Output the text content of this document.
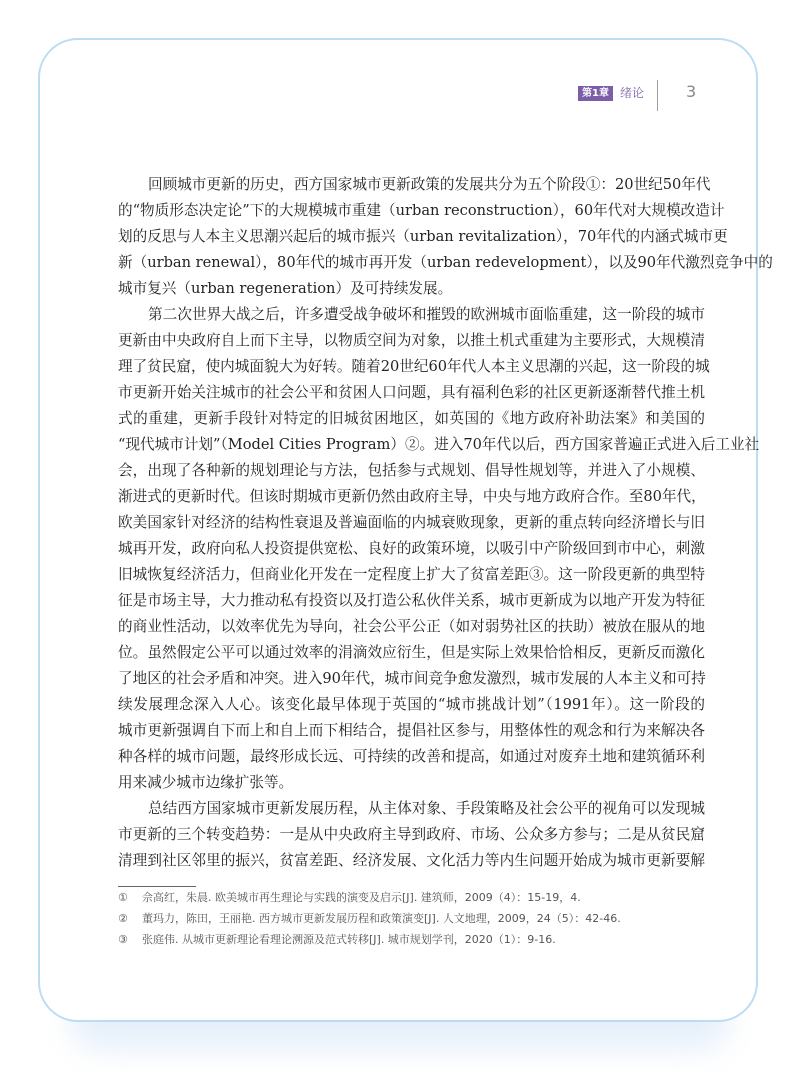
第1章 绪论	3
回顾城市更新的历史，西方国家城市更新政策的发展共分为五个阶段①：20世纪50年代
的“物质形态决定论”下的大规模城市重建（urban reconstruction），60年代对大规模改造计
划的反思与人本主义思潮兴起后的城市振兴（urban revitalization），70年代的内涵式城市更
新（urban renewal），80年代的城市再开发（urban redevelopment），以及90年代激烈竞争中的
城市复兴（urban regeneration）及可持续发展。
第二次世界大战之后，许多遭受战争破坏和摧毁的欧洲城市面临重建，这一阶段的城市
更新由中央政府自上而下主导，以物质空间为对象，以推土机式重建为主要形式，大规模清
理了贫民窟，使内城面貌大为好转。随着20世纪60年代人本主义思潮的兴起，这一阶段的城
市更新开始关注城市的社会公平和贫困人口问题，具有福利色彩的社区更新逐渐替代推土机
式的重建，更新手段针对特定的旧城贫困地区，如英国的《地方政府补助法案》和美国的
“现代城市计划”（Model Cities Program）②。进入70年代以后，西方国家普遍正式进入后工业社
会，出现了各种新的规划理论与方法，包括参与式规划、倡导性规划等，并进入了小规模、
渐进式的更新时代。但该时期城市更新仍然由政府主导，中央与地方政府合作。至80年代，
欧美国家针对经济的结构性衰退及普遍面临的内城衰败现象，更新的重点转向经济增长与旧
城再开发，政府向私人投资提供宽松、良好的政策环境，以吸引中产阶级回到市中心，刺激
旧城恢复经济活力，但商业化开发在一定程度上扩大了贫富差距③。这一阶段更新的典型特
征是市场主导，大力推动私有投资以及打造公私伙伴关系，城市更新成为以地产开发为特征
的商业性活动，以效率优先为导向，社会公平公正（如对弱势社区的扶助）被放在服从的地
位。虽然假定公平可以通过效率的涓滴效应衍生，但是实际上效果恰恰相反，更新反而激化
了地区的社会矛盾和冲突。进入90年代，城市间竞争愈发激烈，城市发展的人本主义和可持
续发展理念深入人心。该变化最早体现于英国的“城市挑战计划”（1991年）。这一阶段的
城市更新强调自下而上和自上而下相结合，提倡社区参与，用整体性的观念和行为来解决各
种各样的城市问题，最终形成长远、可持续的改善和提高，如通过对废弃土地和建筑循环利
用来减少城市边缘扩张等。
总结西方国家城市更新发展历程，从主体对象、手段策略及社会公平的视角可以发现城
市更新的三个转变趋势：一是从中央政府主导到政府、市场、公众多方参与；二是从贫民窟
清理到社区邻里的振兴，贫富差距、经济发展、文化活力等内生问题开始成为城市更新要解
① 佘高红，朱晨. 欧美城市再生理论与实践的演变及启示[J]. 建筑师，2009（4）：15-19，4.
② 董玛力，陈田，王丽艳. 西方城市更新发展历程和政策演变[J]. 人文地理，2009，24（5）：42-46.
③ 张庭伟. 从城市更新理论看理论溯源及范式转移[J]. 城市规划学刊，2020（1）：9-16.
